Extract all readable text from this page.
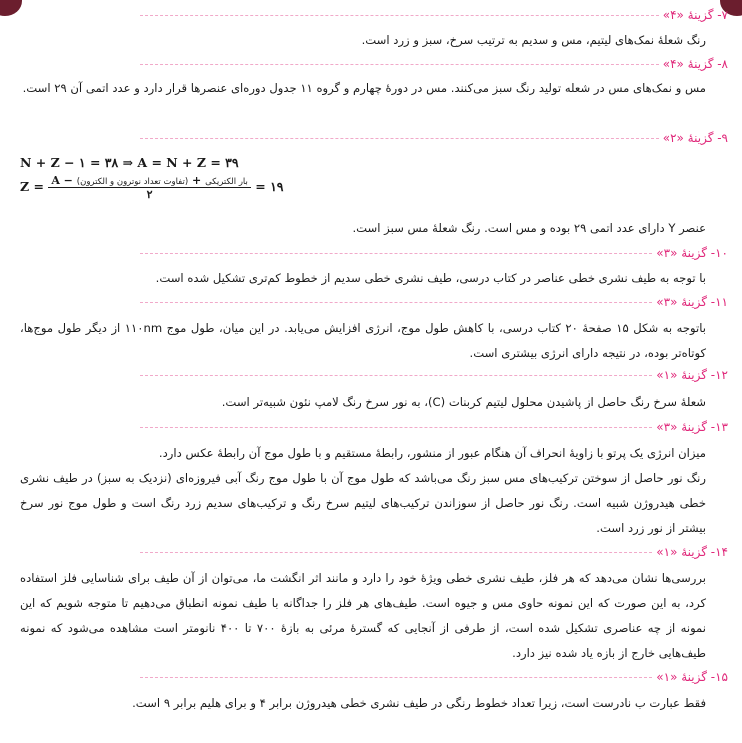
۷- گزینهٔ «۴»

رنگ شعلهٔ نمک‌های لیتیم، مس و سدیم به ترتیب سرخ، سبز و زرد است.

۸- گزینهٔ «۴»

مس و نمک‌های مس در شعله تولید رنگ سبز می‌کنند. مس در دورهٔ چهارم و گروه ۱۱ جدول دوره‌ای عنصرها قرار دارد و عدد اتمی آن ۲۹ است.

۹- گزینهٔ «۲»
N + Z − ۱ = ۳۸ ⇒ A = N + Z = ۳۹
$Z = \frac{\text{A − (تفاوت تعداد نوترون و الکترون) + بار الکتریکی}}{۲}$ = ۱۹

عنصر Y دارای عدد اتمی ۲۹ بوده و مس است. رنگ شعلهٔ مس سبز است.

۱۰- گزینهٔ «۳»

با توجه به طیف نشری خطی عناصر در کتاب درسی، طیف نشری خطی سدیم از خطوط کم‌تری تشکیل شده است.

۱۱- گزینهٔ «۳»

باتوجه به شکل ۱۵ صفحهٔ ۲۰ کتاب درسی، با کاهش طول موج، انرژی افزایش می‌یابد. در این میان، طول موج ۱۱۰nm از دیگر طول موج‌ها، کوتاه‌تر بوده، در نتیجه دارای انرژی بیشتری است.

۱۲- گزینهٔ «۱»

شعلهٔ سرخ رنگ حاصل از پاشیدن محلول لیتیم کربنات (C)، به نور سرخ رنگ لامپ نئون شبیه‌تر است.

۱۳- گزینهٔ «۳»

میزان انرژی یک پرتو با زاویهٔ انحراف آن هنگام عبور از منشور، رابطهٔ مستقیم و با طول موج آن رابطهٔ عکس دارد.

رنگ نور حاصل از سوختن ترکیب‌های مس سبز رنگ می‌باشد که طول موج آن با طول موج رنگ آبی فیروزه‌ای (نزدیک به سبز) در طیف نشری خطی هیدروژن شبیه است. رنگ نور حاصل از سوزاندن ترکیب‌های لیتیم سرخ رنگ و ترکیب‌های سدیم زرد رنگ است و طول موج نور سرخ بیشتر از نور زرد است.

۱۴- گزینهٔ «۱»

بررسی‌ها نشان می‌دهد که هر فلز، طیف نشری خطی ویژهٔ خود را دارد و مانند اثر انگشت ما، می‌توان از آن طیف برای شناسایی فلز استفاده کرد، به این صورت که این نمونه حاوی مس و جیوه است. طیف‌های هر فلز را جداگانه با طیف نمونه انطباق می‌دهیم تا متوجه شویم که این نمونه از چه عناصری تشکیل شده است، از طرفی از آنجایی که گسترهٔ مرئی به بازهٔ ۷۰۰ تا ۴۰۰ نانومتر است مشاهده می‌شود که نمونه طیف‌هایی خارج از بازه یاد شده نیز دارد.

۱۵- گزینهٔ «۱»

فقط عبارت ب نادرست است، زیرا تعداد خطوط رنگی در طیف نشری خطی هیدروژن برابر ۴ و برای هلیم برابر ۹ است.
